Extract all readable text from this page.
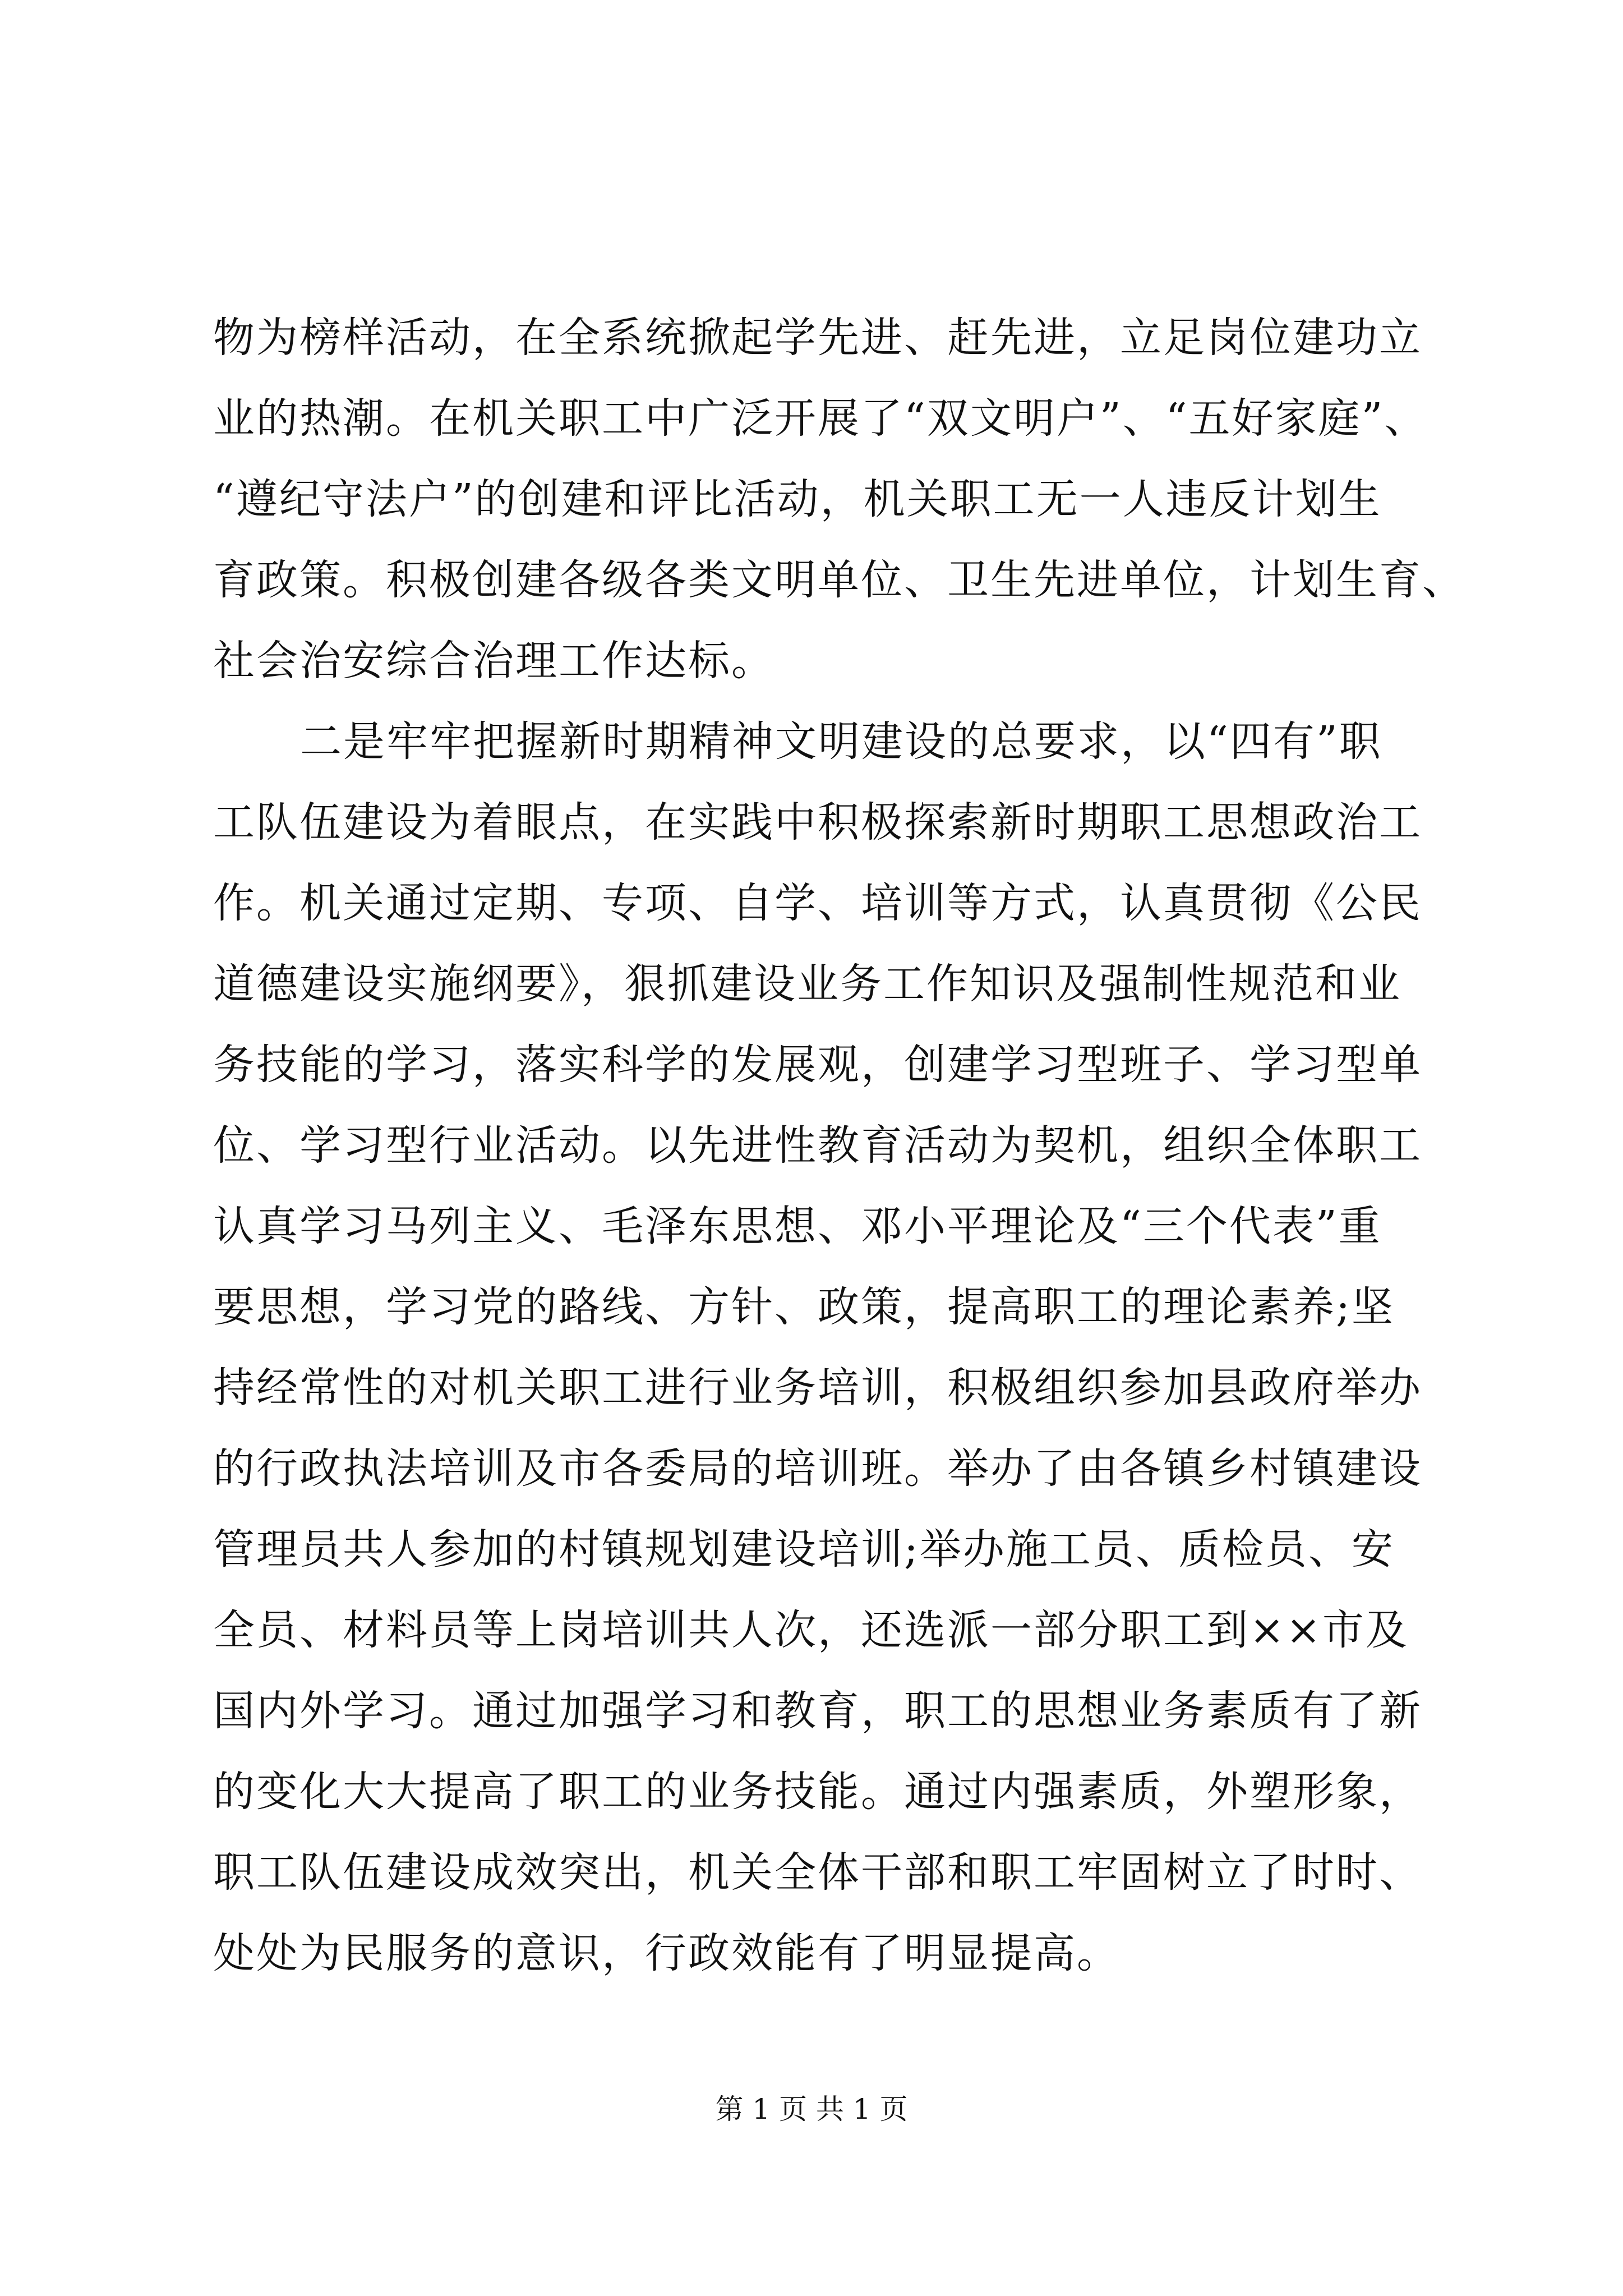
物为榜样活动，在全系统掀起学先进、赶先进，立足岗位建功立
业的热潮。在机关职工中广泛开展了“双文明户”、“五好家庭”、
“遵纪守法户”的创建和评比活动，机关职工无一人违反计划生
育政策。积极创建各级各类文明单位、卫生先进单位，计划生育、
社会治安综合治理工作达标。
二是牢牢把握新时期精神文明建设的总要求，以“四有”职
工队伍建设为着眼点，在实践中积极探索新时期职工思想政治工
作。机关通过定期、专项、自学、培训等方式，认真贯彻《公民
道德建设实施纲要》，狠抓建设业务工作知识及强制性规范和业
务技能的学习，落实科学的发展观，创建学习型班子、学习型单
位、学习型行业活动。以先进性教育活动为契机，组织全体职工
认真学习马列主义、毛泽东思想、邓小平理论及“三个代表”重
要思想，学习党的路线、方针、政策，提高职工的理论素养;坚
持经常性的对机关职工进行业务培训，积极组织参加县政府举办
的行政执法培训及市各委局的培训班。举办了由各镇乡村镇建设
管理员共人参加的村镇规划建设培训;举办施工员、质检员、安
全员、材料员等上岗培训共人次，还选派一部分职工到××市及
国内外学习。通过加强学习和教育，职工的思想业务素质有了新
的变化大大提高了职工的业务技能。通过内强素质，外塑形象，
职工队伍建设成效突出，机关全体干部和职工牢固树立了时时、
处处为民服务的意识，行政效能有了明显提高。
第 1 页 共 1 页
